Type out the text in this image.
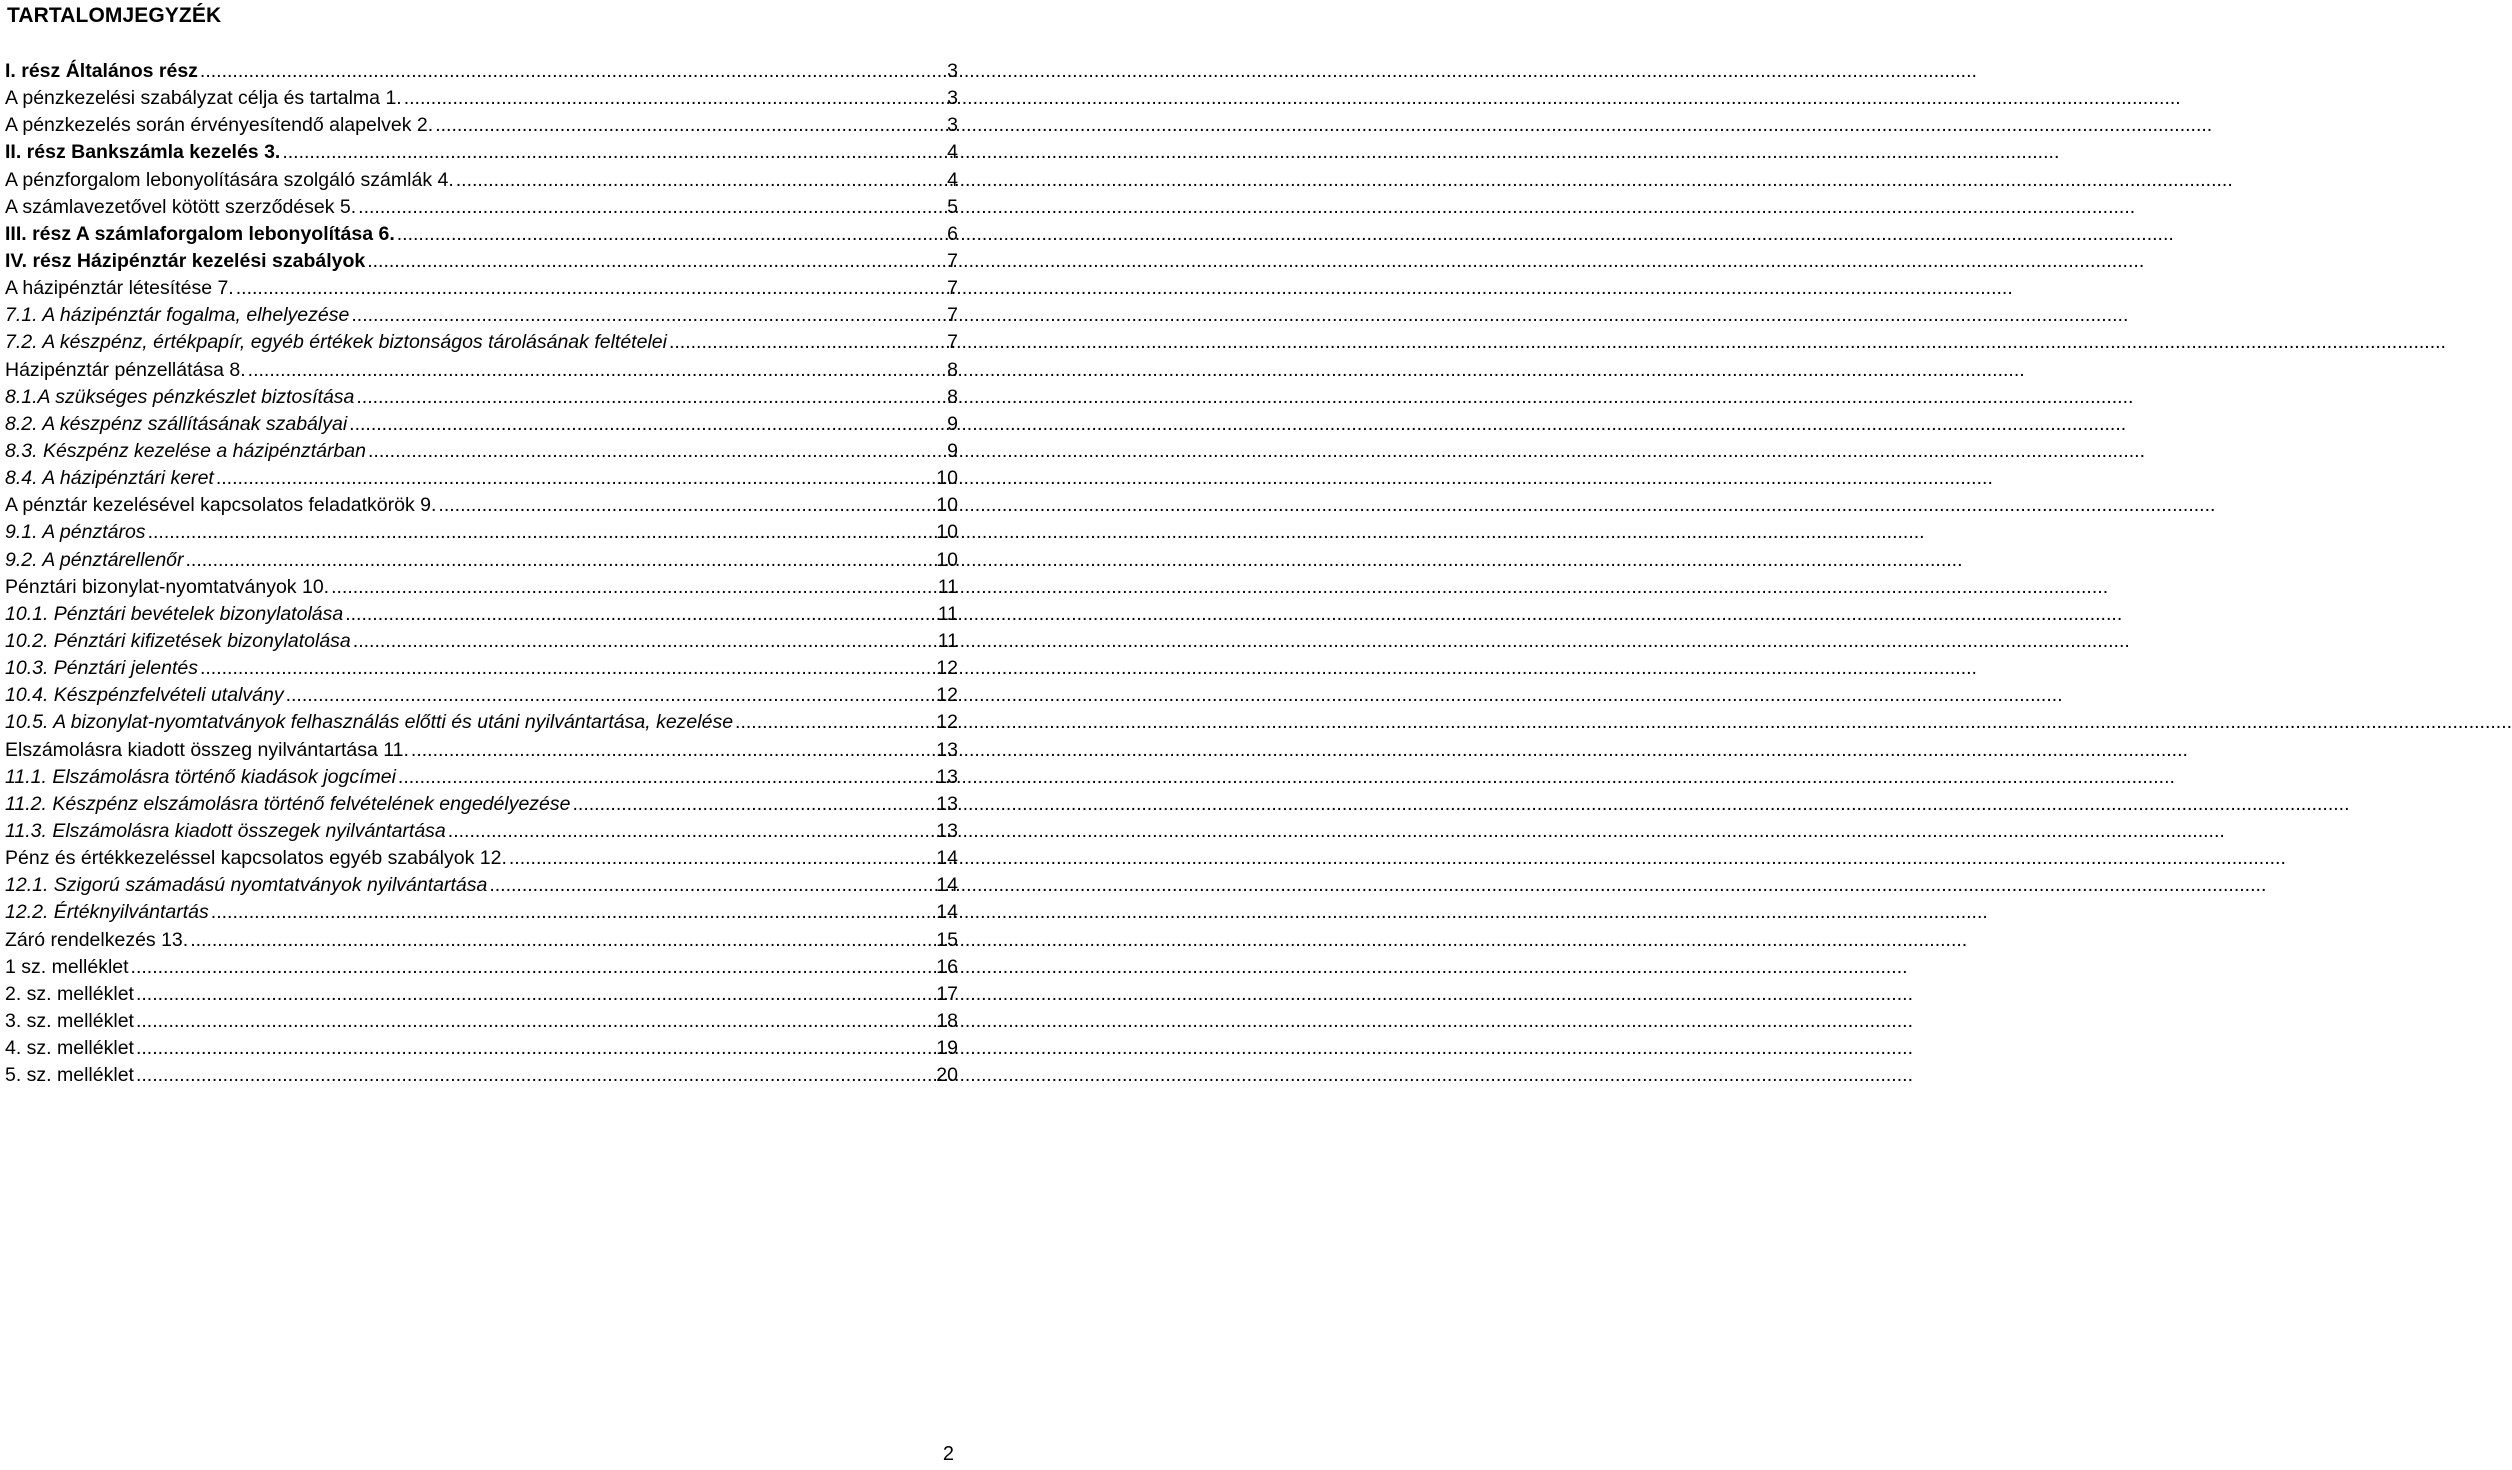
TARTALOMJEGYZÉK
I. rész Általános rész .....	3
A pénzkezelési szabályzat célja és tartalma 1. .....	3
A pénzkezelés során érvényesítendő alapelvek 2. .....	3
II. rész Bankszámla kezelés 3. .....	4
A pénzforgalom lebonyolítására szolgáló számlák 4. .....	4
A számlavezetővel kötött szerződések 5. .....	5
III. rész A számlaforgalom lebonyolítása 6. .....	6
IV. rész Házipénztár kezelési szabályok .....	7
A házipénztár létesítése 7. .....	7
7.1. A házipénztár fogalma, elhelyezése .....	7
7.2. A készpénz, értékpapír, egyéb értékek biztonságos tárolásának feltételei .....	7
Házipénztár pénzellátása 8. .....	8
8.1.A szükséges pénzkészlet biztosítása .....	8
8.2. A készpénz szállításának szabályai .....	9
8.3. Készpénz kezelése a házipénztárban .....	9
8.4. A házipénztári keret .....	10
A pénztár kezelésével kapcsolatos feladatkörök 9. .....	10
9.1. A pénztáros .....	10
9.2. A pénztárellenőr .....	10
Pénztári bizonylat-nyomtatványok 10. .....	11
10.1. Pénztári bevételek bizonylatolása .....	11
10.2. Pénztári kifizetések bizonylatolása .....	11
10.3. Pénztári jelentés .....	12
10.4. Készpénzfelvételi utalvány .....	12
10.5. A bizonylat-nyomtatványok felhasználás előtti és utáni nyilvántartása, kezelése .....	12
Elszámolásra kiadott összeg nyilvántartása 11. .....	13
11.1. Elszámolásra történő kiadások jogcímei .....	13
11.2. Készpénz elszámolásra történő felvételének engedélyezése .....	13
11.3. Elszámolásra kiadott összegek nyilvántartása .....	13
Pénz és értékkezeléssel kapcsolatos egyéb szabályok 12. .....	14
12.1. Szigorú számadású nyomtatványok nyilvántartása .....	14
12.2. Értéknyilvántartás .....	14
Záró rendelkezés 13. .....	15
1 sz. melléklet .....	16
2. sz. melléklet .....	17
3. sz. melléklet .....	18
4. sz. melléklet .....	19
5. sz. melléklet .....	20
2
